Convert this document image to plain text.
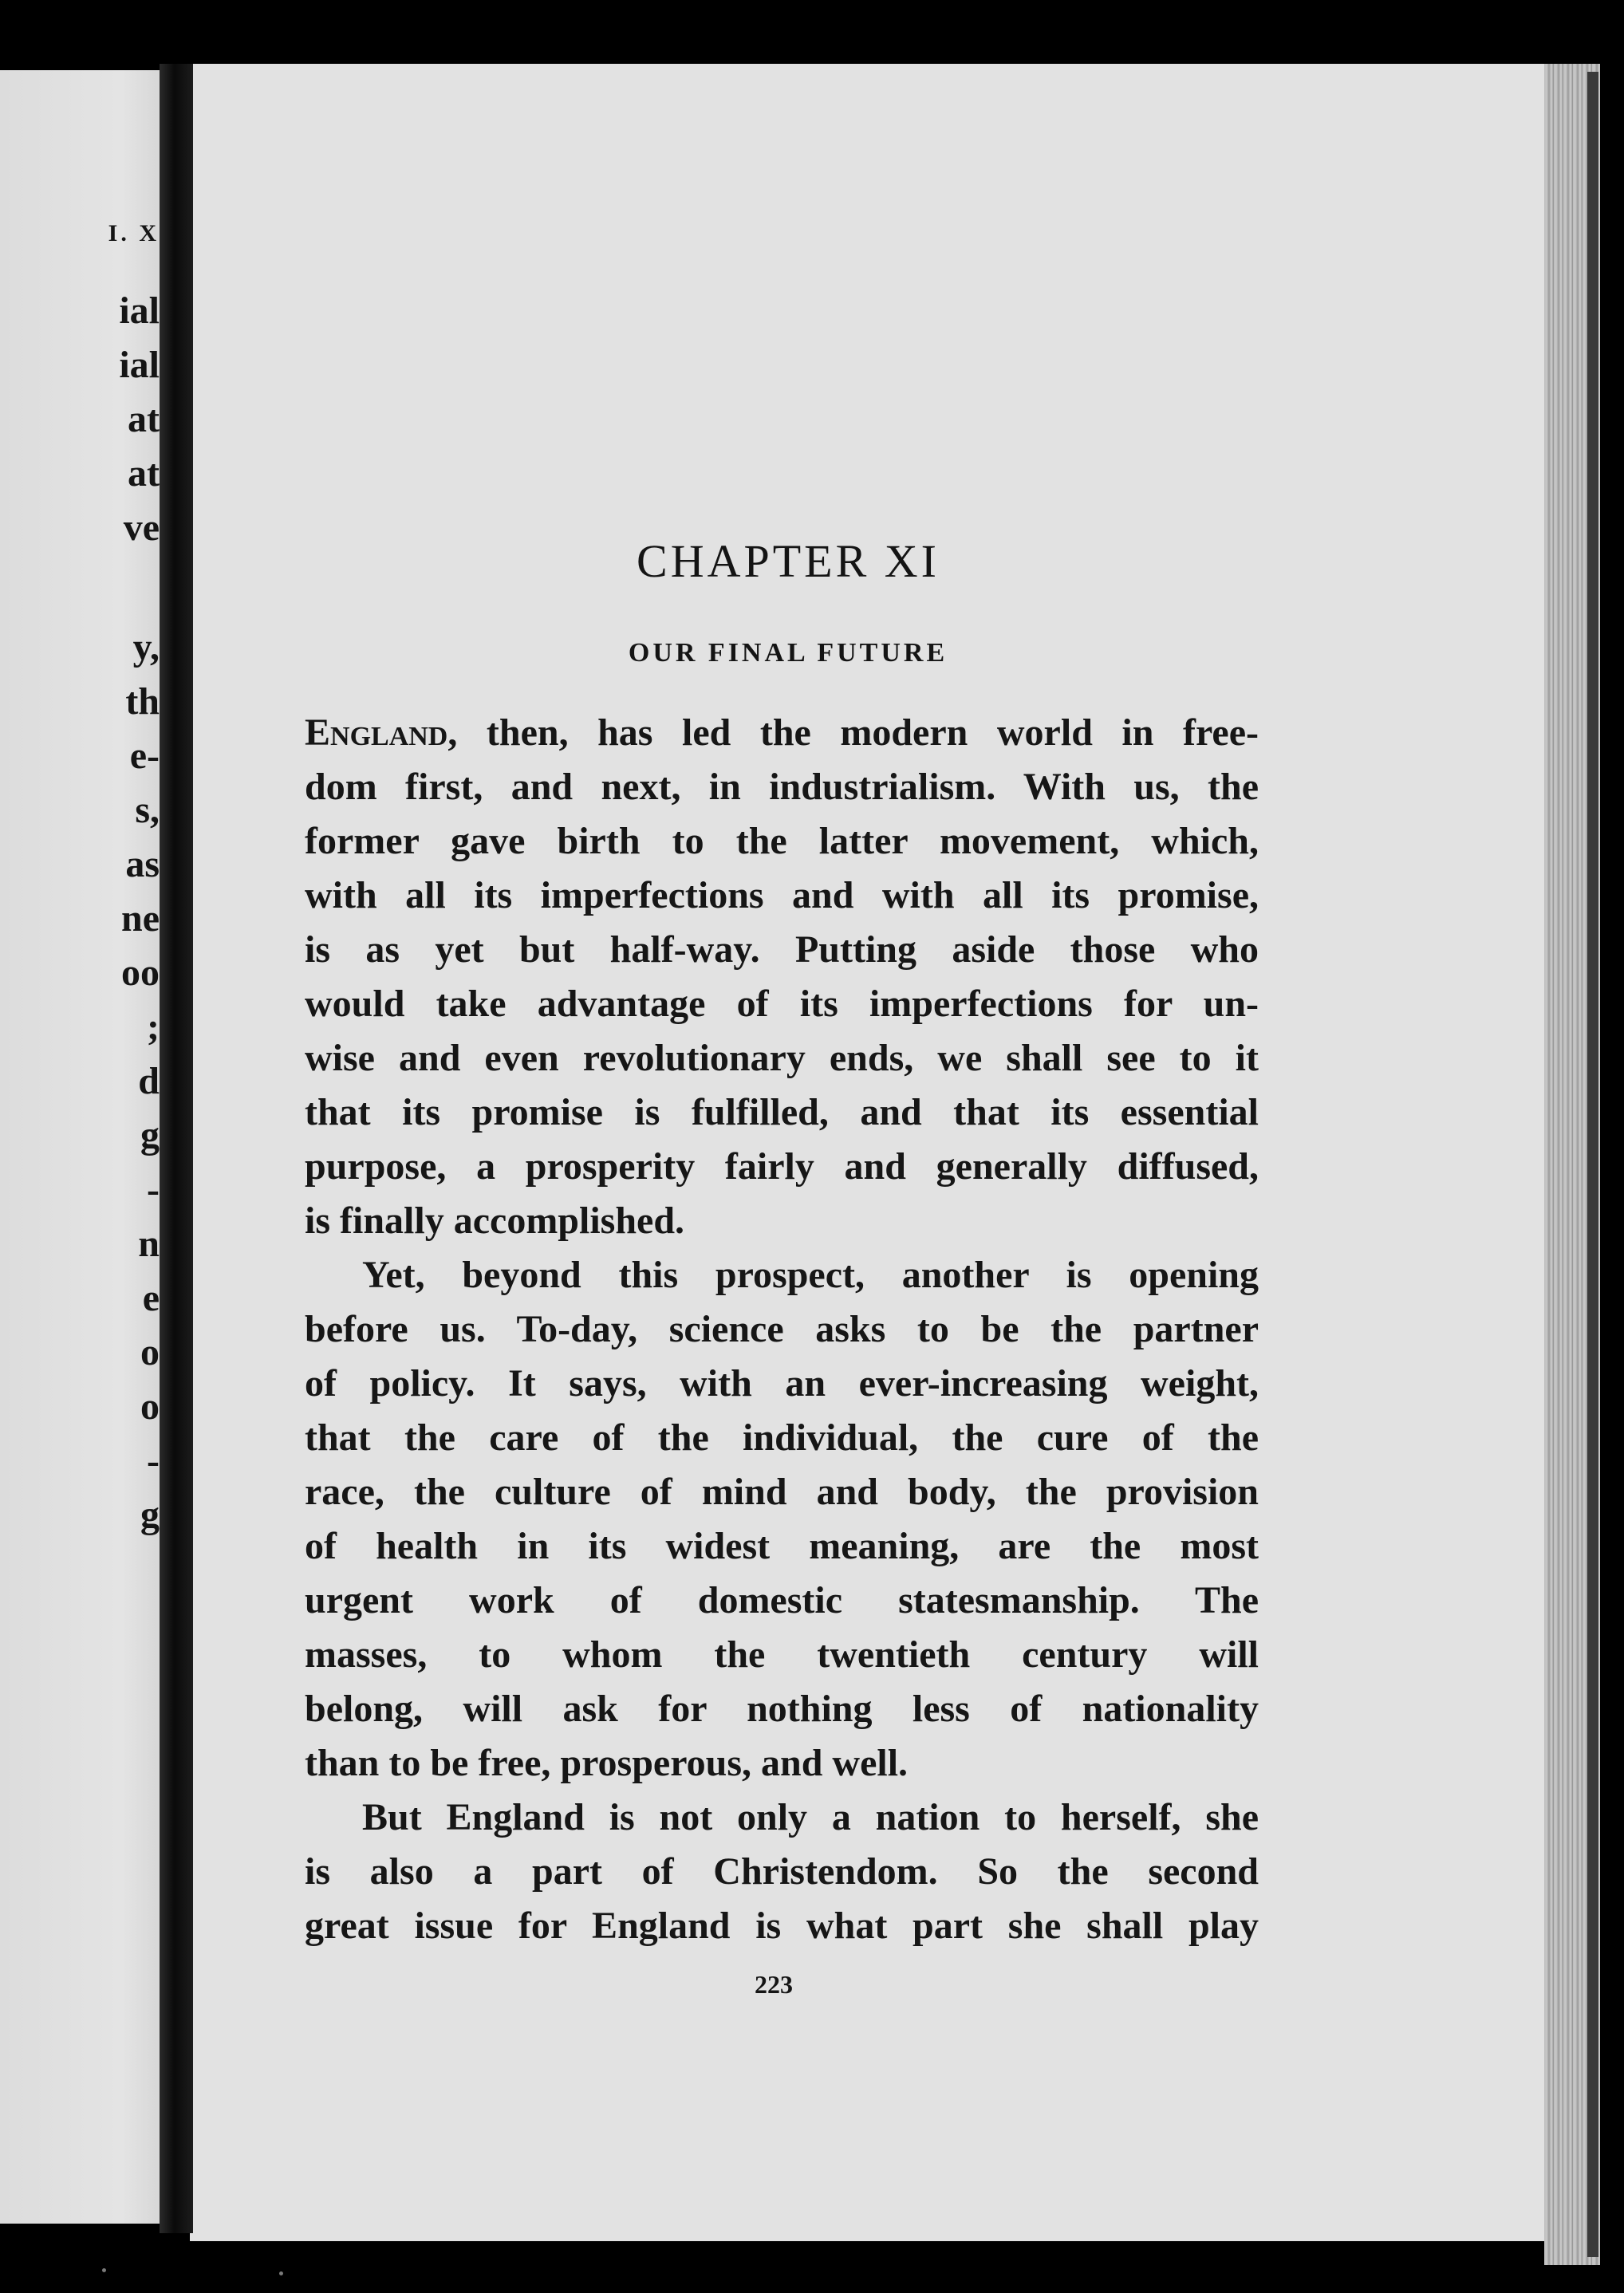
I. X
ial
ial
at
at
ve
y,
th
e-
s,
as
ne
oo
;
d
g
-
n
e
o
o
-
g
CHAPTER XI
OUR FINAL FUTURE
England, then, has led the modern world in free-
dom first, and next, in industrialism. With us, the
former gave birth to the latter movement, which,
with all its imperfections and with all its promise,
is as yet but half-way. Putting aside those who
would take advantage of its imperfections for un-
wise and even revolutionary ends, we shall see to it
that its promise is fulfilled, and that its essential
purpose, a prosperity fairly and generally diffused,
is finally accomplished.
Yet, beyond this prospect, another is opening
before us. To-day, science asks to be the partner
of policy. It says, with an ever-increasing weight,
that the care of the individual, the cure of the
race, the culture of mind and body, the provision
of health in its widest meaning, are the most
urgent work of domestic statesmanship. The
masses, to whom the twentieth century will
belong, will ask for nothing less of nationality
than to be free, prosperous, and well.
But England is not only a nation to herself, she
is also a part of Christendom. So the second
great issue for England is what part she shall play
223
